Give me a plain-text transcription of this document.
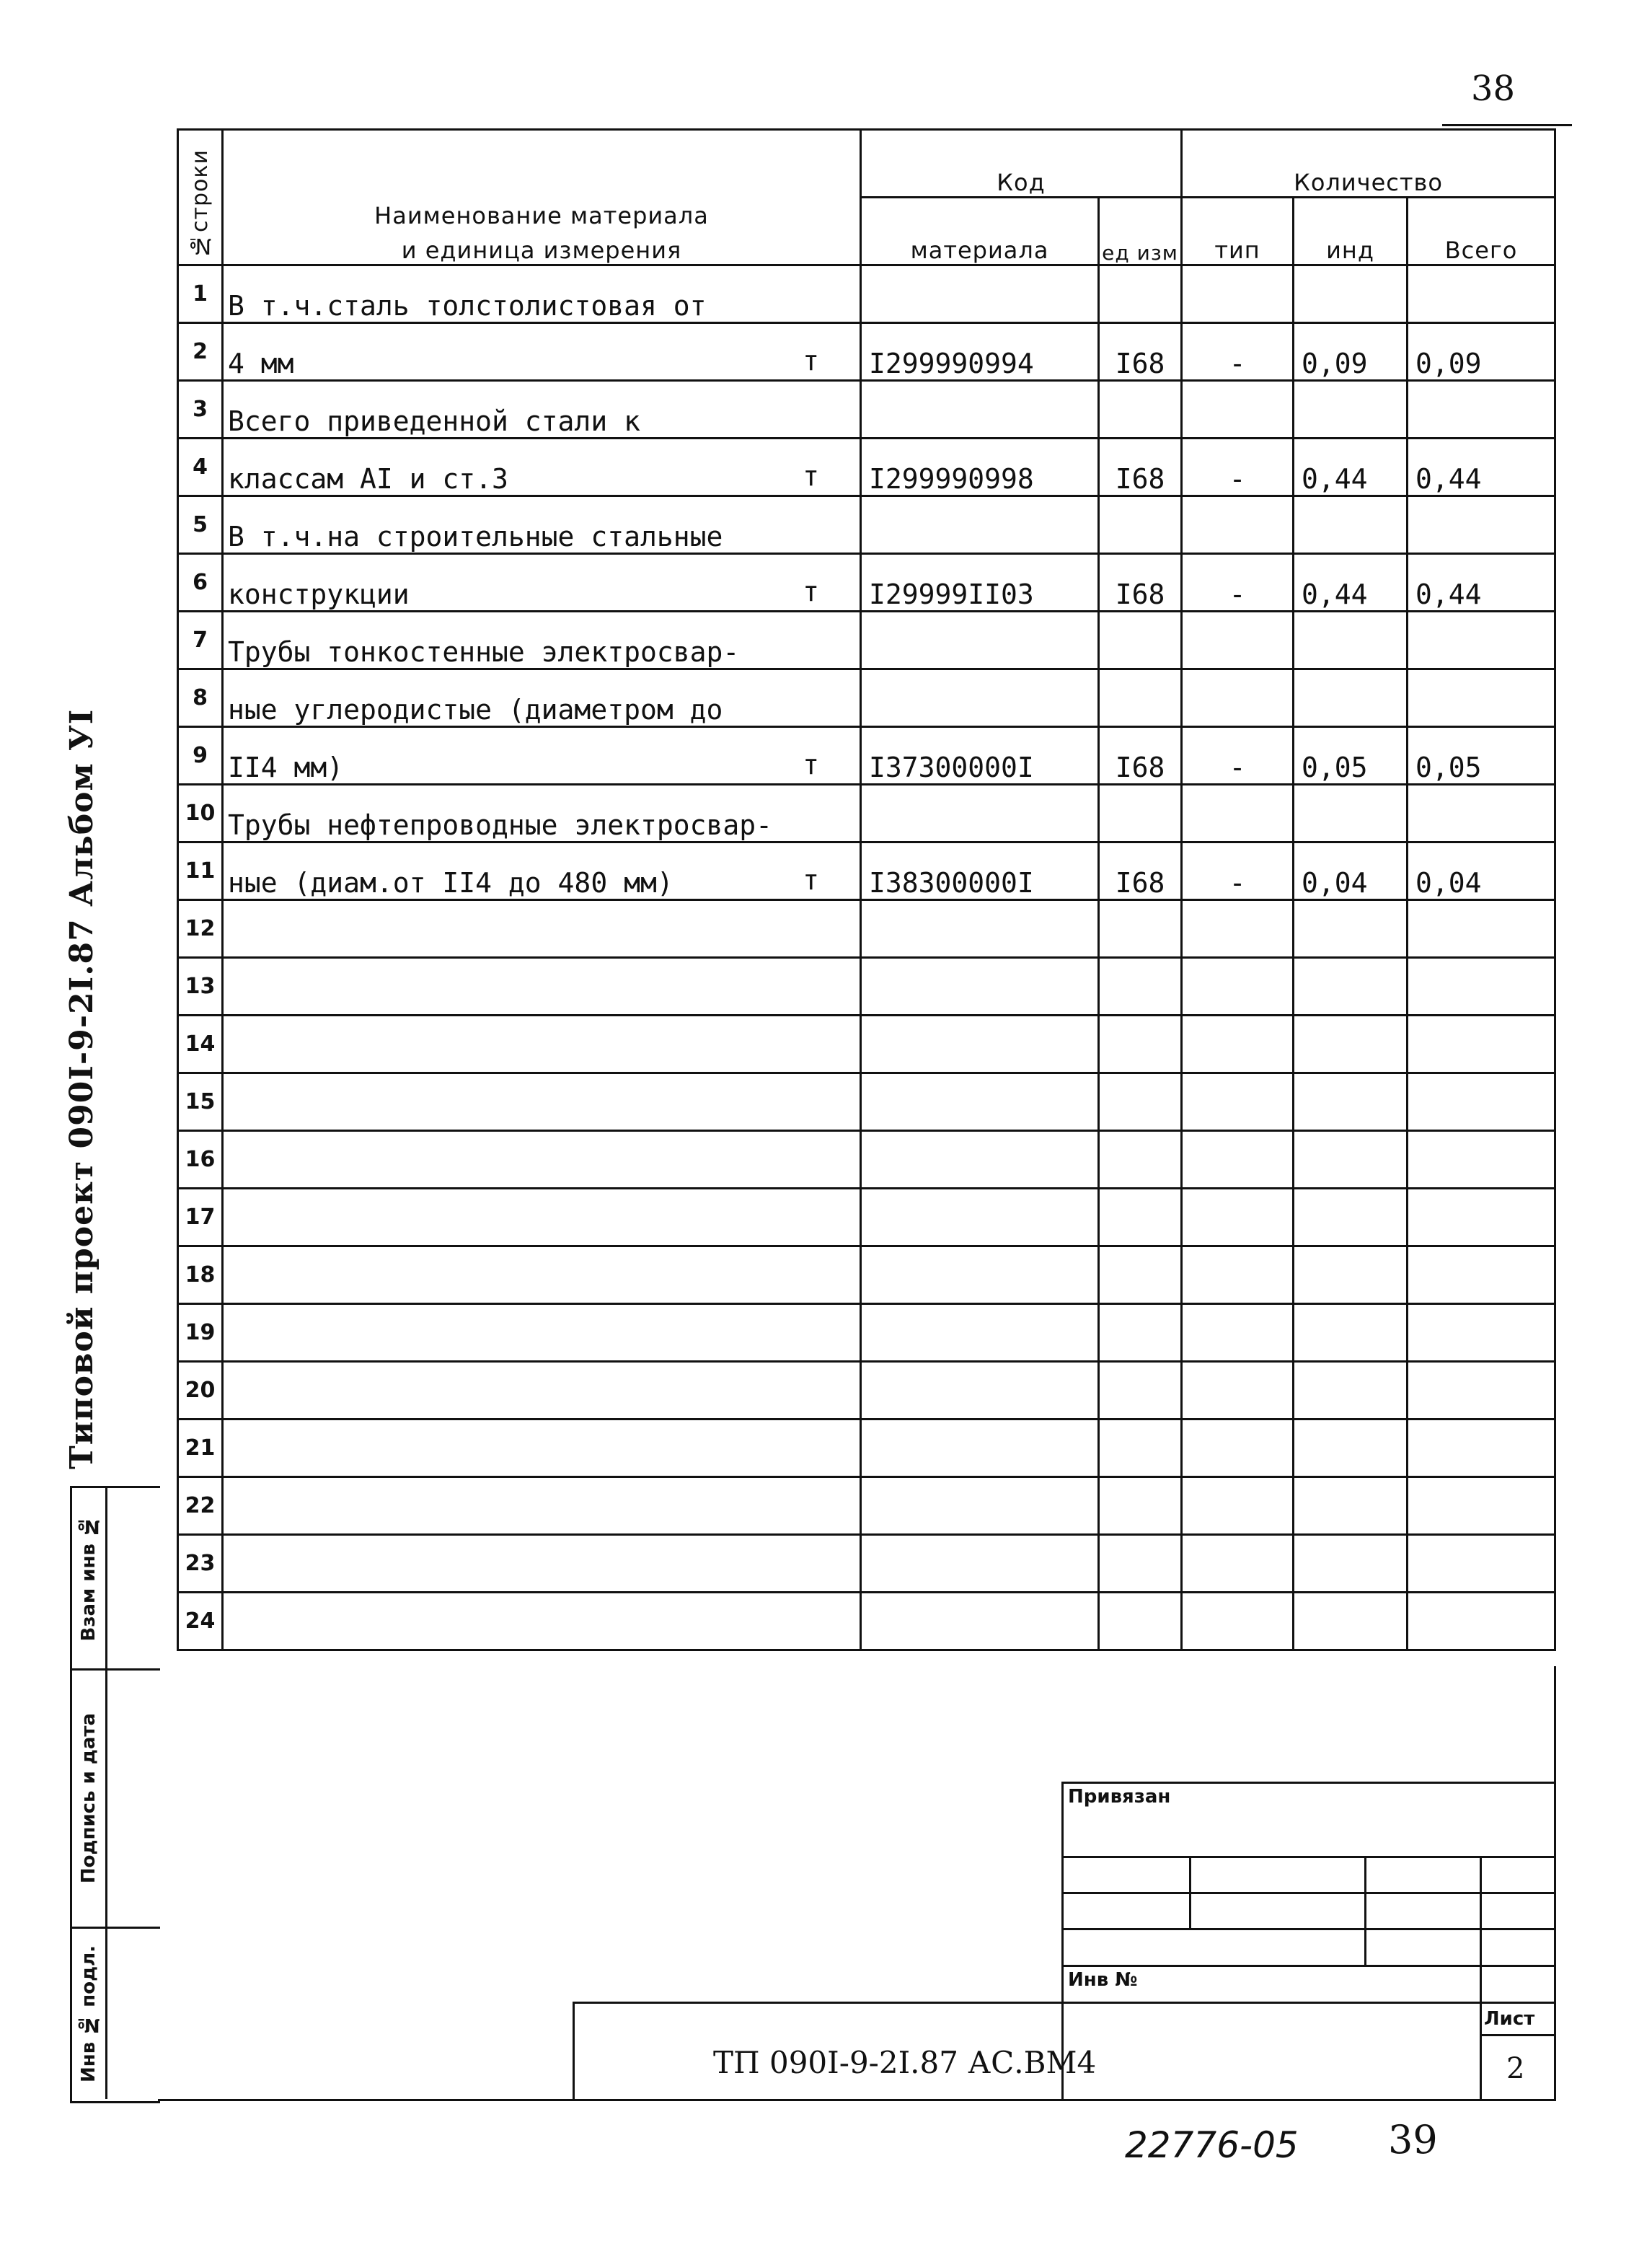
38
Типовой проект 090I-9-2I.87 Альбом УI
№строки	Наименование материала
и единица измерения	Код		Количество		
		материала	ед изм	тип	инд	Всего
1	В т.ч.сталь толстолистовая от

2	4 мм т	I299990994	I68	-	0,09	0,09
3	Всего приведенной стали к

4	классам AI и ст.3 т	I299990998	I68	-	0,44	0,44
5	В т.ч.на строительные стальные

6	конструкции т	I29999II03	I68	-	0,44	0,44
7	Трубы тонкостенные электросвар-

8	ные углеродистые (диаметром до

9	II4 мм) т	I37300000I	I68	-	0,05	0,05
10	Трубы нефтепроводные электросвар-

11	ные (диам.от II4 до 480 мм) т	I38300000I	I68	-	0,04	0,04
12	

13	

14	

15	

16	

17	

18	

19	

20	

21	

22	

23	

24	

Взам инв №
Подпись и дата
Инв № подл.
Привязан
Инв №
Лист
ТП 090I-9-2I.87 АС.ВМ4	2
22776-05 39
